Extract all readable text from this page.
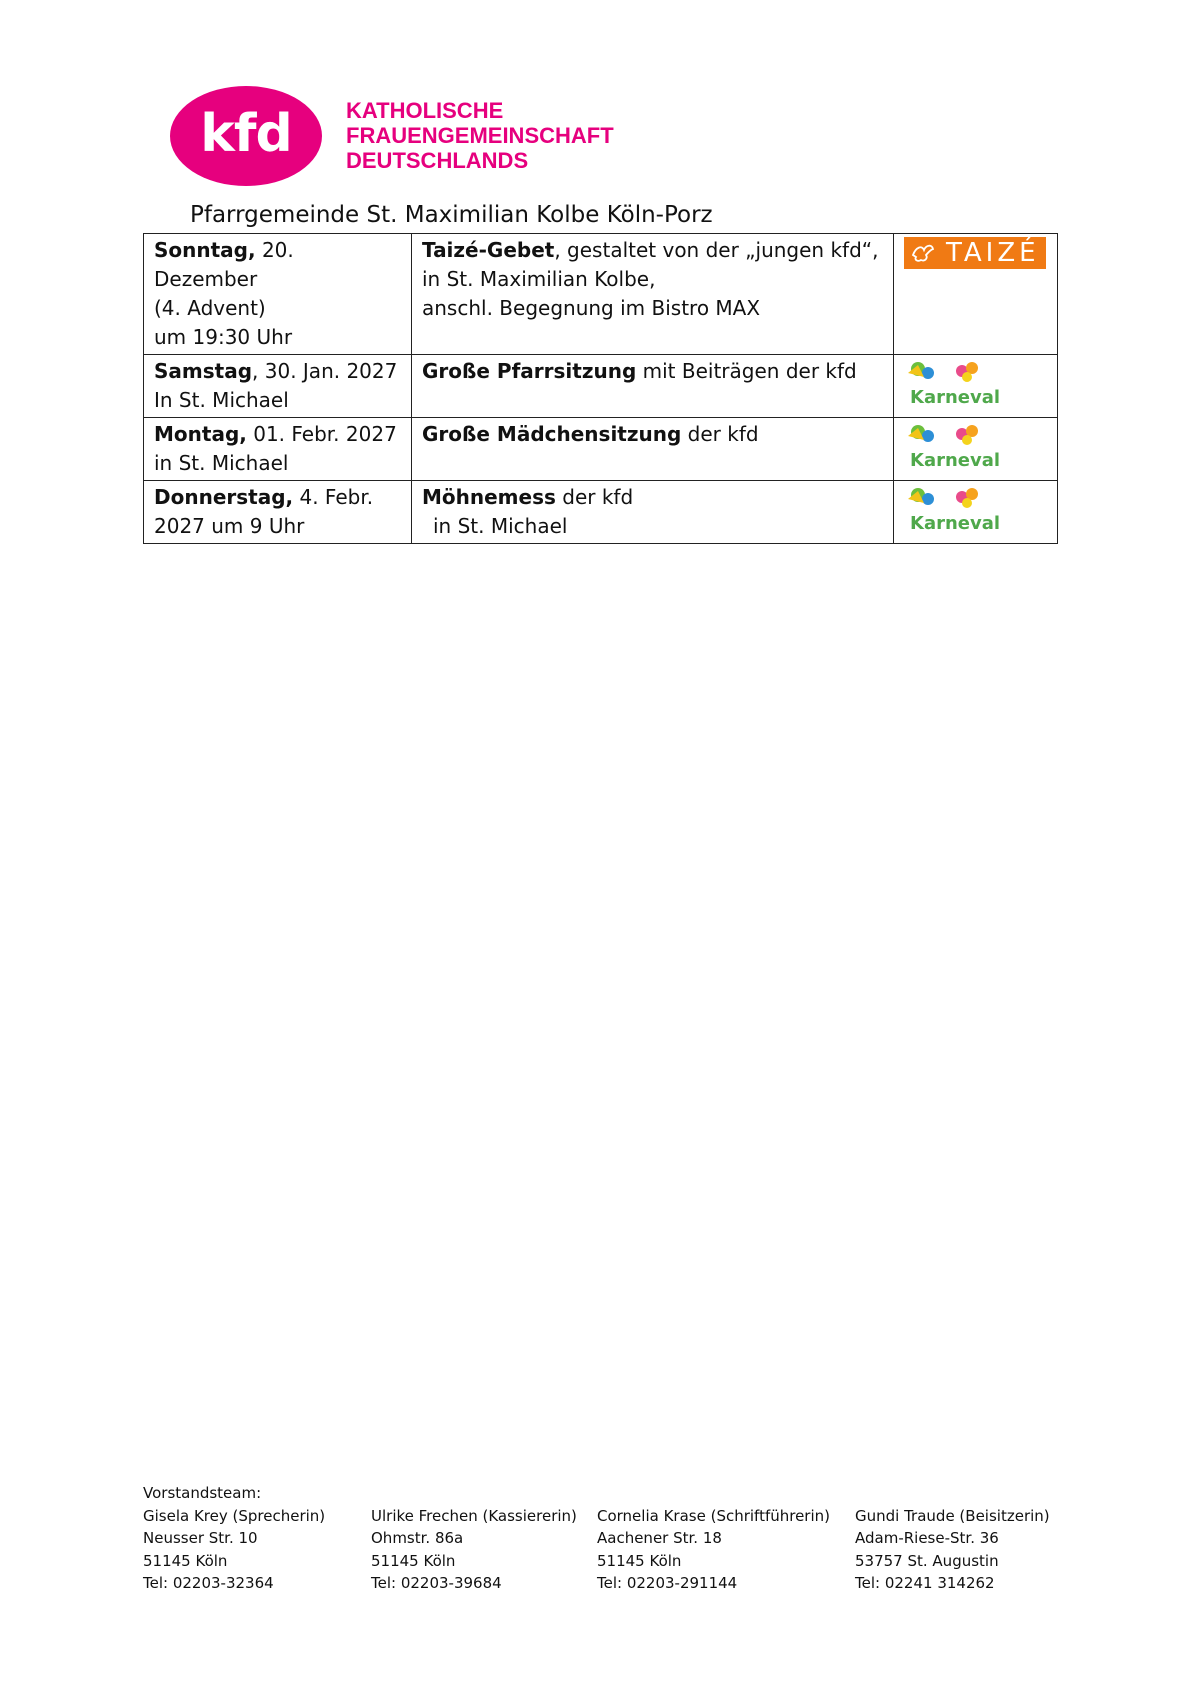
kfd KATHOLISCHE
FRAUENGEMEINSCHAFT
DEUTSCHLANDS
Pfarrgemeinde St. Maximilian Kolbe Köln-Porz
Sonntag, 20. Dezember
(4. Advent)
um 19:30 Uhr	Taizé-Gebet, gestaltet von der „jungen kfd“,
in St. Maximilian Kolbe,
anschl. Begegnung im Bistro MAX	TAIZÉ

Samstag, 30. Jan. 2027
In St. Michael	Große Pfarrsitzung mit Beiträgen der kfd	Karneval

Montag, 01. Febr. 2027
in St. Michael	Große Mädchensitzung der kfd	Karneval

Donnerstag, 4. Febr.
2027 um 9 Uhr	Möhnemess der kfd
in St. Michael	Karneval
Vorstandsteam:
Gisela Krey (Sprecherin)
Neusser Str. 10
51145 Köln
Tel: 02203-32364
Ulrike Frechen (Kassiererin)
Ohmstr. 86a
51145 Köln
Tel: 02203-39684
Cornelia Krase (Schriftführerin)
Aachener Str. 18
51145 Köln
Tel: 02203-291144
Gundi Traude (Beisitzerin)
Adam-Riese-Str. 36
53757 St. Augustin
Tel: 02241 314262
